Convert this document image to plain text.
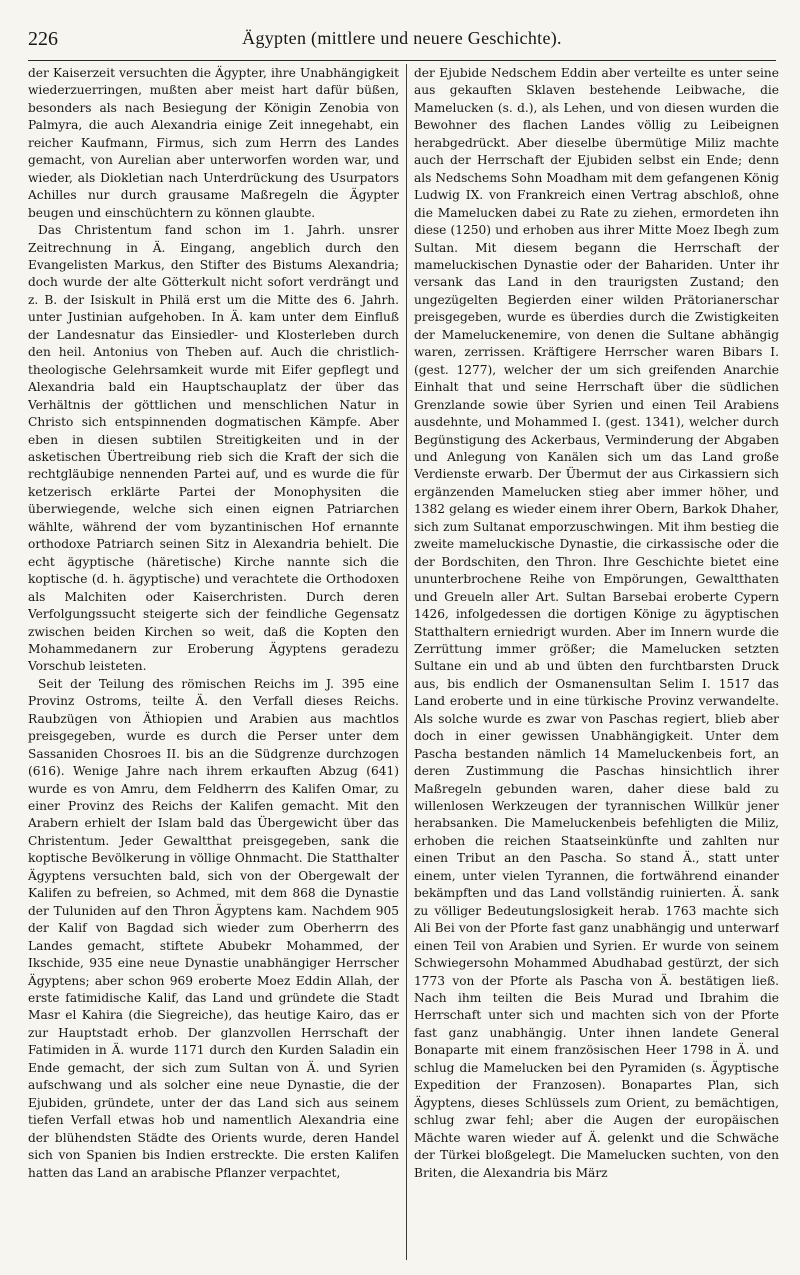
226	Ägypten (mittlere und neuere Geschichte).

der Kaiserzeit versuchten die Ägypter, ihre Unabhängigkeit wiederzuerringen, mußten aber meist hart dafür büßen, besonders als nach Besiegung der Königin Zenobia von Palmyra, die auch Alexandria einige Zeit innegehabt, ein reicher Kaufmann, Firmus, sich zum Herrn des Landes gemacht, von Aurelian aber unterworfen worden war, und wieder, als Diokletian nach Unterdrückung des Usurpators Achilles nur durch grausame Maßregeln die Ägypter beugen und einschüchtern zu können glaubte.

Das Christentum fand schon im 1. Jahrh. unsrer Zeitrechnung in Ä. Eingang, angeblich durch den Evangelisten Markus, den Stifter des Bistums Alexandria; doch wurde der alte Götterkult nicht sofort verdrängt und z. B. der Isiskult in Philä erst um die Mitte des 6. Jahrh. unter Justinian aufgehoben. In Ä. kam unter dem Einfluß der Landesnatur das Einsiedler- und Klosterleben durch den heil. Antonius von Theben auf. Auch die christlich-theologische Gelehrsamkeit wurde mit Eifer gepflegt und Alexandria bald ein Hauptschauplatz der über das Verhältnis der göttlichen und menschlichen Natur in Christo sich entspinnenden dogmatischen Kämpfe. Aber eben in diesen subtilen Streitigkeiten und in der asketischen Übertreibung rieb sich die Kraft der sich die rechtgläubige nennenden Partei auf, und es wurde die für ketzerisch erklärte Partei der Monophysiten die überwiegende, welche sich einen eignen Patriarchen wählte, während der vom byzantinischen Hof ernannte orthodoxe Patriarch seinen Sitz in Alexandria behielt. Die echt ägyptische (häretische) Kirche nannte sich die koptische (d. h. ägyptische) und verachtete die Orthodoxen als Malchiten oder Kaiserchristen. Durch deren Verfolgungssucht steigerte sich der feindliche Gegensatz zwischen beiden Kirchen so weit, daß die Kopten den Mohammedanern zur Eroberung Ägyptens geradezu Vorschub leisteten.

Seit der Teilung des römischen Reichs im J. 395 eine Provinz Ostroms, teilte Ä. den Verfall dieses Reichs. Raubzügen von Äthiopien und Arabien aus machtlos preisgegeben, wurde es durch die Perser unter dem Sassaniden Chosroes II. bis an die Südgrenze durchzogen (616). Wenige Jahre nach ihrem erkauften Abzug (641) wurde es von Amru, dem Feldherrn des Kalifen Omar, zu einer Provinz des Reichs der Kalifen gemacht. Mit den Arabern erhielt der Islam bald das Übergewicht über das Christentum. Jeder Gewaltthat preisgegeben, sank die koptische Bevölkerung in völlige Ohnmacht. Die Statthalter Ägyptens versuchten bald, sich von der Obergewalt der Kalifen zu befreien, so Achmed, mit dem 868 die Dynastie der Tuluniden auf den Thron Ägyptens kam. Nachdem 905 der Kalif von Bagdad sich wieder zum Oberherrn des Landes gemacht, stiftete Abubekr Mohammed, der Ikschide, 935 eine neue Dynastie unabhängiger Herrscher Ägyptens; aber schon 969 eroberte Moez Eddin Allah, der erste fatimidische Kalif, das Land und gründete die Stadt Masr el Kahira (die Siegreiche), das heutige Kairo, das er zur Hauptstadt erhob. Der glanzvollen Herrschaft der Fatimiden in Ä. wurde 1171 durch den Kurden Saladin ein Ende gemacht, der sich zum Sultan von Ä. und Syrien aufschwang und als solcher eine neue Dynastie, die der Ejubiden, gründete, unter der das Land sich aus seinem tiefen Verfall etwas hob und namentlich Alexandria eine der blühendsten Städte des Orients wurde, deren Handel sich von Spanien bis Indien erstreckte. Die ersten Kalifen hatten das Land an arabische Pflanzer verpachtet,

der Ejubide Nedschem Eddin aber verteilte es unter seine aus gekauften Sklaven bestehende Leibwache, die Mamelucken (s. d.), als Lehen, und von diesen wurden die Bewohner des flachen Landes völlig zu Leibeignen herabgedrückt. Aber dieselbe übermütige Miliz machte auch der Herrschaft der Ejubiden selbst ein Ende; denn als Nedschems Sohn Moadham mit dem gefangenen König Ludwig IX. von Frankreich einen Vertrag abschloß, ohne die Mamelucken dabei zu Rate zu ziehen, ermordeten ihn diese (1250) und erhoben aus ihrer Mitte Moez Ibegh zum Sultan. Mit diesem begann die Herrschaft der mameluckischen Dynastie oder der Bahariden. Unter ihr versank das Land in den traurigsten Zustand; den ungezügelten Begierden einer wilden Prätorianerschar preisgegeben, wurde es überdies durch die Zwistigkeiten der Mameluckenemire, von denen die Sultane abhängig waren, zerrissen. Kräftigere Herrscher waren Bibars I. (gest. 1277), welcher der um sich greifenden Anarchie Einhalt that und seine Herrschaft über die südlichen Grenzlande sowie über Syrien und einen Teil Arabiens ausdehnte, und Mohammed I. (gest. 1341), welcher durch Begünstigung des Ackerbaus, Verminderung der Abgaben und Anlegung von Kanälen sich um das Land große Verdienste erwarb. Der Übermut der aus Cirkassiern sich ergänzenden Mamelucken stieg aber immer höher, und 1382 gelang es wieder einem ihrer Obern, Barkok Dhaher, sich zum Sultanat emporzuschwingen. Mit ihm bestieg die zweite mameluckische Dynastie, die cirkassische oder die der Bordschiten, den Thron. Ihre Geschichte bietet eine ununterbrochene Reihe von Empörungen, Gewaltthaten und Greueln aller Art. Sultan Barsebai eroberte Cypern 1426, infolgedessen die dortigen Könige zu ägyptischen Statthaltern erniedrigt wurden. Aber im Innern wurde die Zerrüttung immer größer; die Mamelucken setzten Sultane ein und ab und übten den furchtbarsten Druck aus, bis endlich der Osmanensultan Selim I. 1517 das Land eroberte und in eine türkische Provinz verwandelte. Als solche wurde es zwar von Paschas regiert, blieb aber doch in einer gewissen Unabhängigkeit. Unter dem Pascha bestanden nämlich 14 Mameluckenbeis fort, an deren Zustimmung die Paschas hinsichtlich ihrer Maßregeln gebunden waren, daher diese bald zu willenlosen Werkzeugen der tyrannischen Willkür jener herabsanken. Die Mameluckenbeis befehligten die Miliz, erhoben die reichen Staatseinkünfte und zahlten nur einen Tribut an den Pascha. So stand Ä., statt unter einem, unter vielen Tyrannen, die fortwährend einander bekämpften und das Land vollständig ruinierten. Ä. sank zu völliger Bedeutungslosigkeit herab. 1763 machte sich Ali Bei von der Pforte fast ganz unabhängig und unterwarf einen Teil von Arabien und Syrien. Er wurde von seinem Schwiegersohn Mohammed Abudhabad gestürzt, der sich 1773 von der Pforte als Pascha von Ä. bestätigen ließ. Nach ihm teilten die Beis Murad und Ibrahim die Herrschaft unter sich und machten sich von der Pforte fast ganz unabhängig. Unter ihnen landete General Bonaparte mit einem französischen Heer 1798 in Ä. und schlug die Mamelucken bei den Pyramiden (s. Ägyptische Expedition der Franzosen). Bonapartes Plan, sich Ägyptens, dieses Schlüssels zum Orient, zu bemächtigen, schlug zwar fehl; aber die Augen der europäischen Mächte waren wieder auf Ä. gelenkt und die Schwäche der Türkei bloßgelegt. Die Mamelucken suchten, von den Briten, die Alexandria bis März
